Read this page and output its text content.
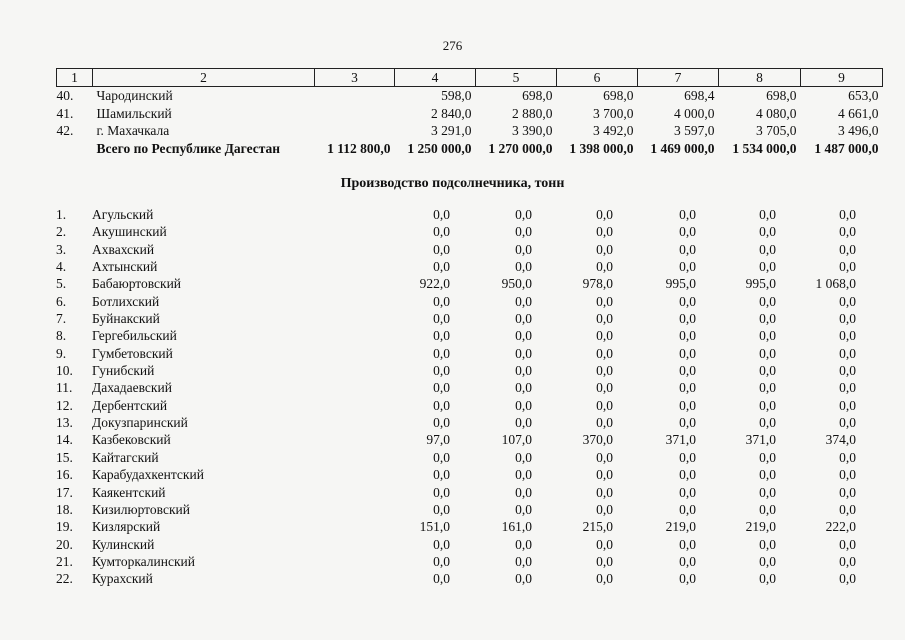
276
1	2	3	4	5	6	7	8	9
40.	Чародинский		598,0	698,0	698,0	698,4	698,0	653,0
41.	Шамильский		2 840,0	2 880,0	3 700,0	4 000,0	4 080,0	4 661,0
42.	г. Махачкала		3 291,0	3 390,0	3 492,0	3 597,0	3 705,0	3 496,0
	Всего по Республике Дагестан	1 112 800,0	1 250 000,0	1 270 000,0	1 398 000,0	1 469 000,0	1 534 000,0	1 487 000,0
Производство подсолнечника, тонн
1.	Агульский	0,0	0,0	0,0	0,0	0,0	0,0
2.	Акушинский	0,0	0,0	0,0	0,0	0,0	0,0
3.	Ахвахский	0,0	0,0	0,0	0,0	0,0	0,0
4.	Ахтынский	0,0	0,0	0,0	0,0	0,0	0,0
5.	Бабаюртовский	922,0	950,0	978,0	995,0	995,0	1 068,0
6.	Ботлихский	0,0	0,0	0,0	0,0	0,0	0,0
7.	Буйнакский	0,0	0,0	0,0	0,0	0,0	0,0
8.	Гергебильский	0,0	0,0	0,0	0,0	0,0	0,0
9.	Гумбетовский	0,0	0,0	0,0	0,0	0,0	0,0
10.	Гунибский	0,0	0,0	0,0	0,0	0,0	0,0
11.	Дахадаевский	0,0	0,0	0,0	0,0	0,0	0,0
12.	Дербентский	0,0	0,0	0,0	0,0	0,0	0,0
13.	Докузпаринский	0,0	0,0	0,0	0,0	0,0	0,0
14.	Казбековский	97,0	107,0	370,0	371,0	371,0	374,0
15.	Кайтагский	0,0	0,0	0,0	0,0	0,0	0,0
16.	Карабудахкентский	0,0	0,0	0,0	0,0	0,0	0,0
17.	Каякентский	0,0	0,0	0,0	0,0	0,0	0,0
18.	Кизилюртовский	0,0	0,0	0,0	0,0	0,0	0,0
19.	Кизлярский	151,0	161,0	215,0	219,0	219,0	222,0
20.	Кулинский	0,0	0,0	0,0	0,0	0,0	0,0
21.	Кумторкалинский	0,0	0,0	0,0	0,0	0,0	0,0
22.	Курахский	0,0	0,0	0,0	0,0	0,0	0,0
